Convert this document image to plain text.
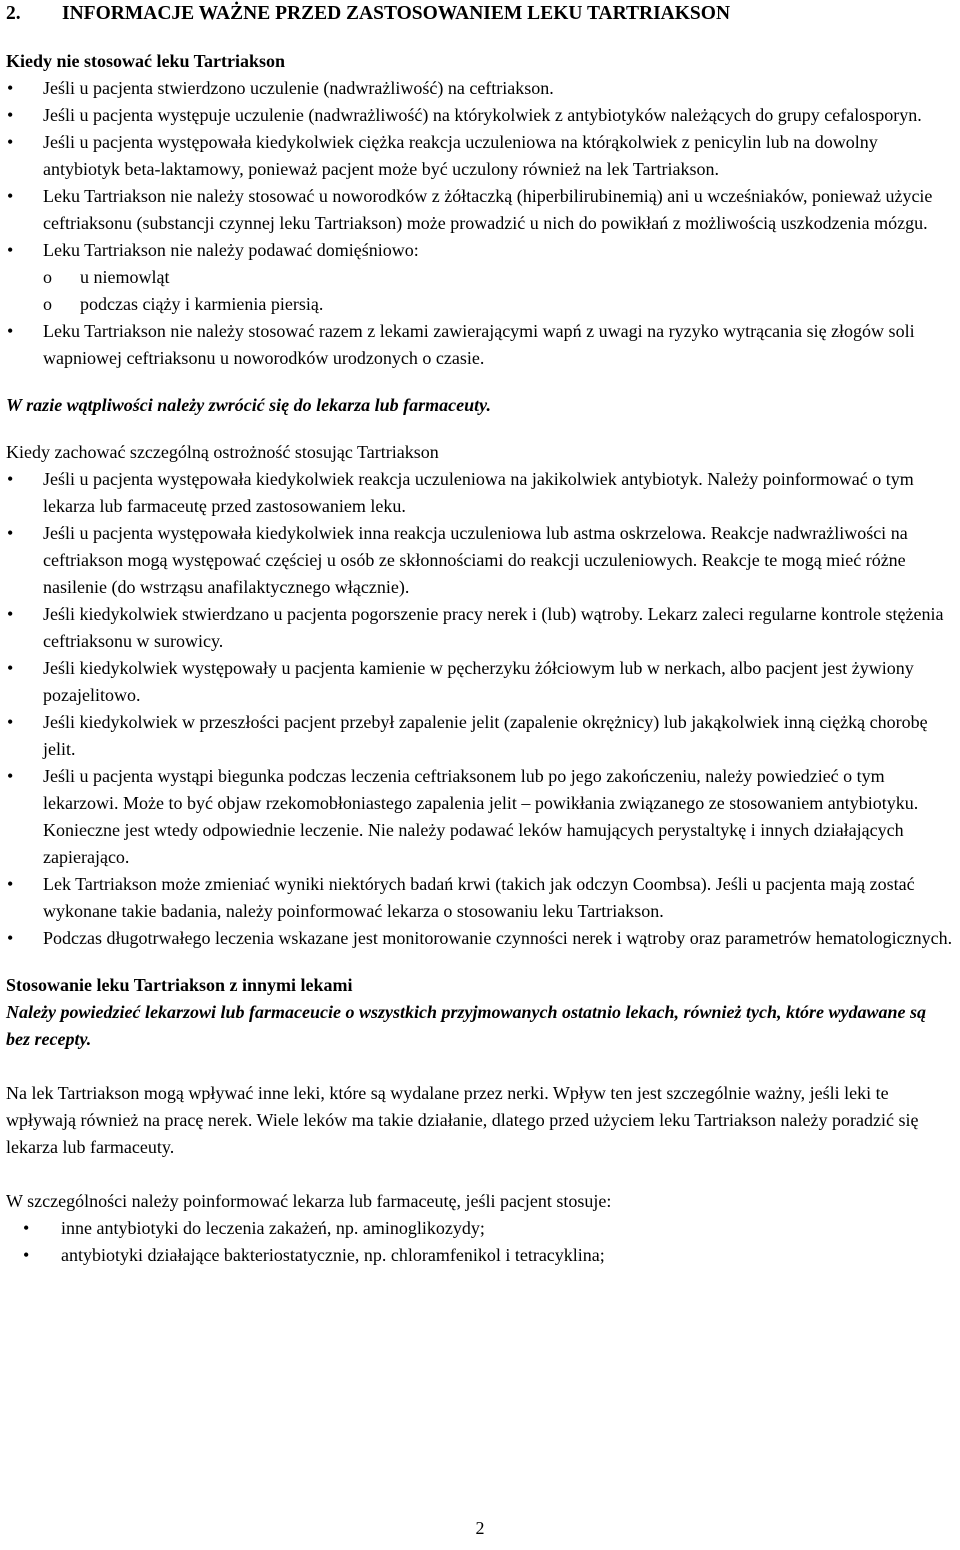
2.	INFORMACJE WAŻNE PRZED ZASTOSOWANIEM LEKU TARTRIAKSON

Kiedy nie stosować leku Tartriakson

• Jeśli u pacjenta stwierdzono uczulenie (nadwrażliwość) na ceftriakson.
• Jeśli u pacjenta występuje uczulenie (nadwrażliwość) na którykolwiek z antybiotyków należących do grupy cefalosporyn.
• Jeśli u pacjenta występowała kiedykolwiek ciężka reakcja uczuleniowa na którąkolwiek z penicylin lub na dowolny antybiotyk beta-laktamowy, ponieważ pacjent może być uczulony również na lek Tartriakson.
• Leku Tartriakson nie należy stosować u noworodków z żółtaczką (hiperbilirubinemią) ani u wcześniaków, ponieważ użycie ceftriaksonu (substancji czynnej leku Tartriakson) może prowadzić u nich do powikłań z możliwością uszkodzenia mózgu.
• Leku Tartriakson nie należy podawać domięśniowo:
o u niemowląt
o podczas ciąży i karmienia piersią.
• Leku Tartriakson nie należy stosować razem z lekami zawierającymi wapń z uwagi na ryzyko wytrącania się złogów soli wapniowej ceftriaksonu u noworodków urodzonych o czasie.

W razie wątpliwości należy zwrócić się do lekarza lub farmaceuty.

Kiedy zachować szczególną ostrożność stosując Tartriakson

• Jeśli u pacjenta występowała kiedykolwiek reakcja uczuleniowa na jakikolwiek antybiotyk. Należy poinformować o tym lekarza lub farmaceutę przed zastosowaniem leku.
• Jeśli u pacjenta występowała kiedykolwiek inna reakcja uczuleniowa lub astma oskrzelowa. Reakcje nadwrażliwości na ceftriakson mogą występować częściej u osób ze skłonnościami do reakcji uczuleniowych. Reakcje te mogą mieć różne nasilenie (do wstrząsu anafilaktycznego włącznie).
• Jeśli kiedykolwiek stwierdzano u pacjenta pogorszenie pracy nerek i (lub) wątroby. Lekarz zaleci regularne kontrole stężenia ceftriaksonu w surowicy.
• Jeśli kiedykolwiek występowały u pacjenta kamienie w pęcherzyku żółciowym lub w nerkach, albo pacjent jest żywiony pozajelitowo.
• Jeśli kiedykolwiek w przeszłości pacjent przebył zapalenie jelit (zapalenie okrężnicy) lub jakąkolwiek inną ciężką chorobę jelit.
• Jeśli u pacjenta wystąpi biegunka podczas leczenia ceftriaksonem lub po jego zakończeniu, należy powiedzieć o tym lekarzowi. Może to być objaw rzekomobłoniastego zapalenia jelit – powikłania związanego ze stosowaniem antybiotyku. Konieczne jest wtedy odpowiednie leczenie. Nie należy podawać leków hamujących perystaltykę i innych działających zapierająco.
• Lek Tartriakson może zmieniać wyniki niektórych badań krwi (takich jak odczyn Coombsa). Jeśli u pacjenta mają zostać wykonane takie badania, należy poinformować lekarza o stosowaniu leku Tartriakson.
• Podczas długotrwałego leczenia wskazane jest monitorowanie czynności nerek i wątroby oraz parametrów hematologicznych.

Stosowanie leku Tartriakson z innymi lekami

Należy powiedzieć lekarzowi lub farmaceucie o wszystkich przyjmowanych ostatnio lekach, również tych, które wydawane są bez recepty.

Na lek Tartriakson mogą wpływać inne leki, które są wydalane przez nerki. Wpływ ten jest szczególnie ważny, jeśli leki te wpływają również na pracę nerek. Wiele leków ma takie działanie, dlatego przed użyciem leku Tartriakson należy poradzić się lekarza lub farmaceuty.

W szczególności należy poinformować lekarza lub farmaceutę, jeśli pacjent stosuje:

• inne antybiotyki do leczenia zakażeń, np. aminoglikozydy;
• antybiotyki działające bakteriostatycznie, np. chloramfenikol i tetracyklina;
2
